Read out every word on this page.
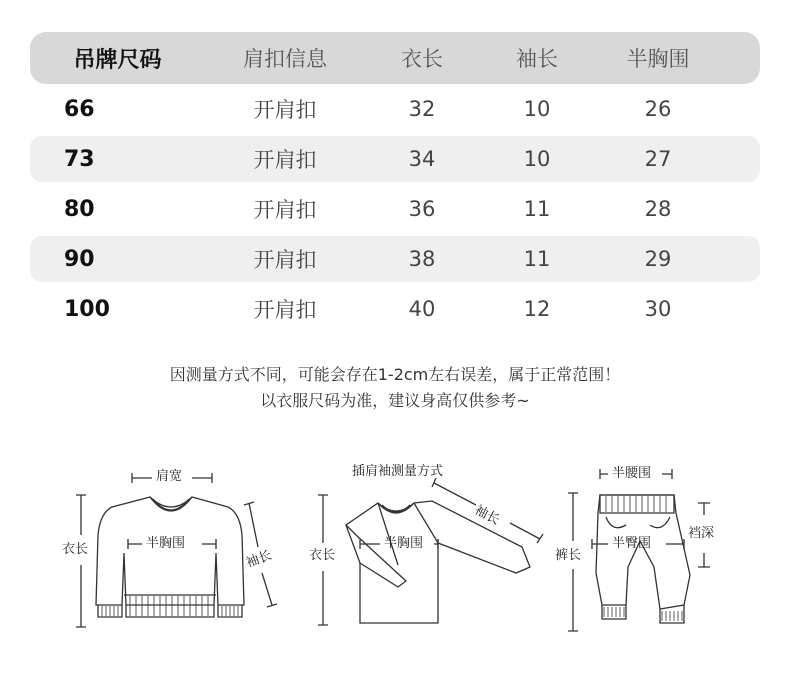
吊牌尺码	肩扣信息	衣长	袖长	半胸围
66	开肩扣	32	10	26
73	开肩扣	34	10	27
80	开肩扣	36	11	28
90	开肩扣	38	11	29
100	开肩扣	40	12	30
因测量方式不同，可能会存在1-2cm左右误差，属于正常范围！
以衣服尺码为准，建议身高仅供参考~
肩宽
衣长	半胸围
袖长
插肩袖测量方式
衣长
半胸围
袖长
半腰围
裤长
半臀围
裆深
